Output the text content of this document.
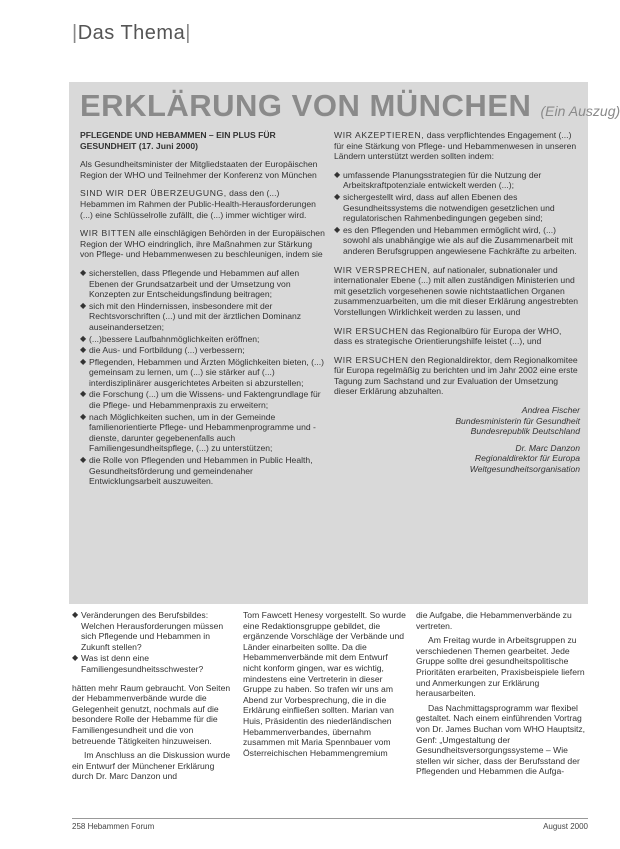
|Das Thema|
ERKLÄRUNG VON MÜNCHEN (Ein Auszug)

PFLEGENDE UND HEBAMMEN – EIN PLUS FÜR GESUNDHEIT (17. Juni 2000)

Als Gesundheitsminister der Mitgliedstaaten der Europäischen Region der WHO und Teilnehmer der Konferenz von München

SIND WIR DER ÜBERZEUGUNG, dass den (...) Hebammen im Rahmen der Public-Health-Herausforderungen (...) eine Schlüsselrolle zufällt, die (...) immer wichtiger wird.

WIR BITTEN alle einschlägigen Behörden in der Europäischen Region der WHO eindringlich, ihre Maßnahmen zur Stärkung von Pflege- und Hebammenwesen zu beschleunigen, indem sie

◆ sicherstellen, dass Pflegende und Hebammen auf allen Ebenen der Grundsatzarbeit und der Umsetzung von Konzepten zur Entscheidungsfindung beitragen;
◆ sich mit den Hindernissen, insbesondere mit der Rechtsvorschriften (...) und mit der ärztlichen Dominanz auseinandersetzen;
◆ (...)bessere Laufbahnmöglichkeiten eröffnen;
◆ die Aus- und Fortbildung (...) verbessern;
◆ Pflegenden, Hebammen und Ärzten Möglichkeiten bieten, (...) gemeinsam zu lernen, um (...) sie stärker auf (...) interdisziplinärer ausgerichtetes Arbeiten si abzurstellen;
◆ die Forschung (...) um die Wissens- und Faktengrundlage für die Pflege- und Hebammenpraxis zu erweitern;
◆ nach Möglichkeiten suchen, um in der Gemeinde familienorientierte Pflege- und Hebammenprogramme und -dienste, darunter gegebenenfalls auch Familiengesundheitspflege, (...) zu unterstützen;
◆ die Rolle von Pflegenden und Hebammen in Public Health, Gesundheitsförderung und gemeindenaher Entwicklungsarbeit auszuweiten.

WIR AKZEPTIEREN, dass verpflichtendes Engagement (...) für eine Stärkung von Pflege- und Hebammenwesen in unseren Ländern unterstützt werden sollten indem:

◆ umfassende Planungsstrategien für die Nutzung der Arbeitskraftpotenziale entwickelt werden (...);
◆ sichergestellt wird, dass auf allen Ebenen des Gesundheitssystems die notwendigen gesetzlichen und regulatorischen Rahmenbedingungen gegeben sind;
◆ es den Pflegenden und Hebammen ermöglicht wird, (...) sowohl als unabhängige wie als auf die Zusammenarbeit mit anderen Berufsgruppen angewiesene Fachkräfte zu arbeiten.

WIR VERSPRECHEN, auf nationaler, subnationaler und internationaler Ebene (...) mit allen zuständigen Ministerien und mit gesetzlich vorgesehenen sowie nichtstaatlichen Organen zusammenzuarbeiten, um die mit dieser Erklärung angestrebten Vorstellungen Wirklichkeit werden zu lassen, und

WIR ERSUCHEN das Regionalbüro für Europa der WHO, dass es strategische Orientierungshilfe leistet (...), und

WIR ERSUCHEN den Regionaldirektor, dem Regionalkomitee für Europa regelmäßig zu berichten und im Jahr 2002 eine erste Tagung zum Sachstand und zur Evaluation der Umsetzung dieser Erklärung abzuhalten.

Andrea Fischer
Bundesministerin für Gesundheit
Bundesrepublik Deutschland
Dr. Marc Danzon
Regionaldirektor für Europa
Weltgesundheitsorganisation
◆ Veränderungen des Berufsbildes: Welchen Herausforderungen müssen sich Pflegende und Hebammen in Zukunft stellen?
◆ Was ist denn eine Familiengesundheitsschwester?

hätten mehr Raum gebraucht. Von Seiten der Hebammenverbände wurde die Gelegenheit genutzt, nochmals auf die besondere Rolle der Hebamme für die Familiengesundheit und die von betreuende Tätigkeiten hinzuweisen.

Im Anschluss an die Diskussion wurde ein Entwurf der Münchener Erklärung durch Dr. Marc Danzon und

Tom Fawcett Henesy vorgestellt. So wurde eine Redaktionsgruppe gebildet, die ergänzende Vorschläge der Verbände und Länder einarbeiten sollte. Da die Hebammenverbände mit dem Entwurf nicht konform gingen, war es wichtig, mindestens eine Vertreterin in dieser Gruppe zu haben. So trafen wir uns am Abend zur Vorbesprechung, die in die Erklärung einfließen sollten. Marian van Huis, Präsidentin des niederländischen Hebammenverbandes, übernahm zusammen mit Maria Spennbauer vom Österreichischen Hebammengremium

die Aufgabe, die Hebammenverbände zu vertreten.

Am Freitag wurde in Arbeitsgruppen zu verschiedenen Themen gearbeitet. Jede Gruppe sollte drei gesundheitspolitische Prioritäten erarbeiten, Praxisbeispiele liefern und Anmerkungen zur Erklärung herausarbeiten.

Das Nachmittagsprogramm war flexibel gestaltet. Nach einem einführenden Vortrag von Dr. James Buchan vom WHO Hauptsitz, Genf: „Umgestaltung der Gesundheitsversorgungssysteme – Wie stellen wir sicher, dass der Berufsstand der Pflegenden und Hebammen die Aufga-

258 Hebammen Forum	August 2000
